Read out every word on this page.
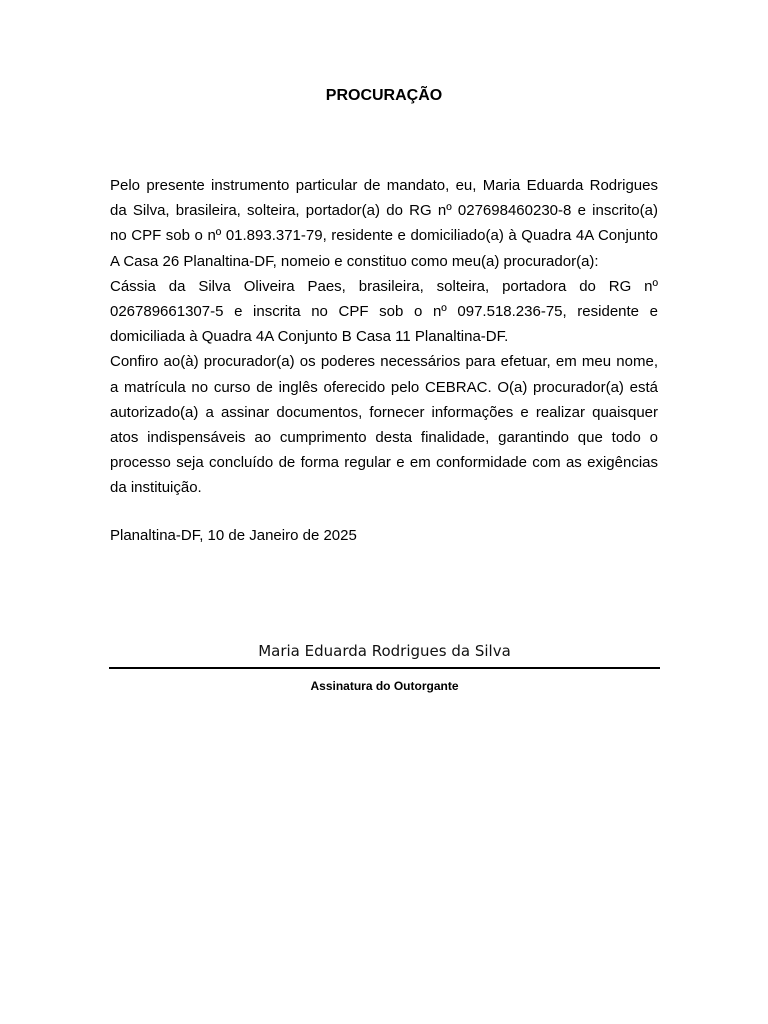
PROCURAÇÃO

Pelo presente instrumento particular de mandato, eu, Maria Eduarda Rodrigues da Silva, brasileira, solteira, portador(a) do RG nº 027698460230-8 e inscrito(a) no CPF sob o nº 01.893.371-79, residente e domiciliado(a) à Quadra 4A Conjunto A Casa 26 Planaltina-DF, nomeio e constituo como meu(a) procurador(a):

Cássia da Silva Oliveira Paes, brasileira, solteira, portadora do RG nº 026789661307-5 e inscrita no CPF sob o nº 097.518.236-75, residente e domiciliada à Quadra 4A Conjunto B Casa 11 Planaltina-DF.

Confiro ao(à) procurador(a) os poderes necessários para efetuar, em meu nome, a matrícula no curso de inglês oferecido pelo CEBRAC. O(a) procurador(a) está autorizado(a) a assinar documentos, fornecer informações e realizar quaisquer atos indispensáveis ao cumprimento desta finalidade, garantindo que todo o processo seja concluído de forma regular e em conformidade com as exigências da instituição.

Planaltina-DF, 10 de Janeiro de 2025

Maria Eduarda Rodrigues da Silva

Assinatura do Outorgante
